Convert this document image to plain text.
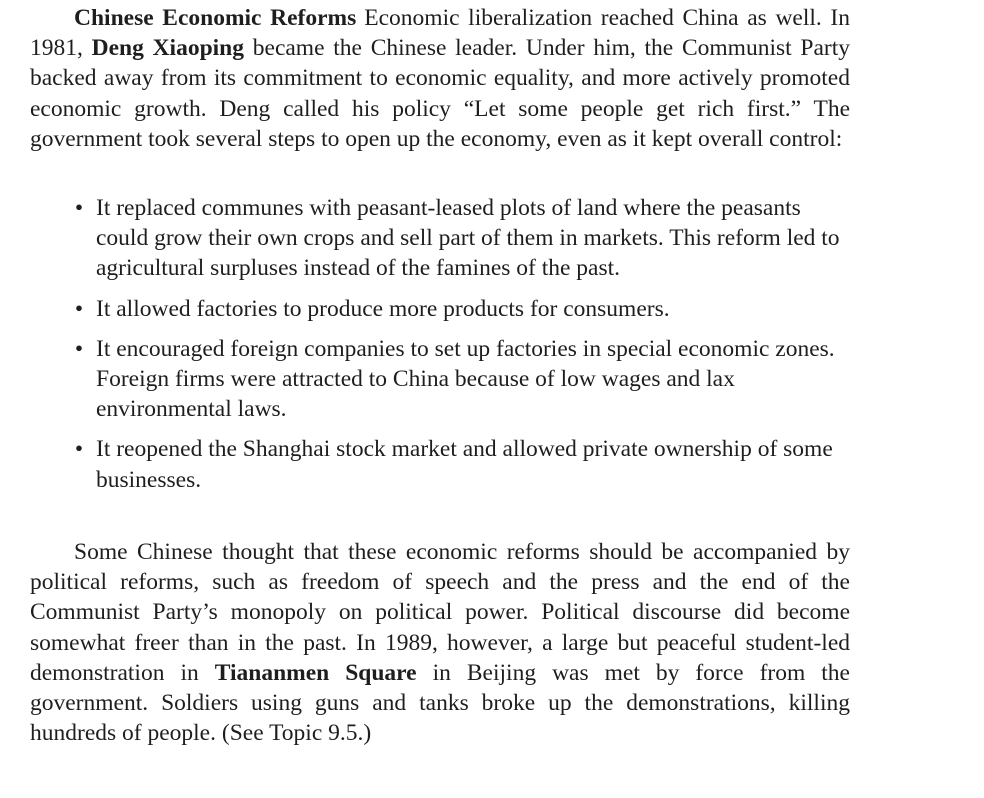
Chinese Economic Reforms Economic liberalization reached China as well. In 1981, Deng Xiaoping became the Chinese leader. Under him, the Communist Party backed away from its commitment to economic equality, and more actively promoted economic growth. Deng called his policy “Let some people get rich first.” The government took several steps to open up the economy, even as it kept overall control:

• It replaced communes with peasant-leased plots of land where the peasants could grow their own crops and sell part of them in markets. This reform led to agricultural surpluses instead of the famines of the past.
• It allowed factories to produce more products for consumers.
• It encouraged foreign companies to set up factories in special economic zones. Foreign firms were attracted to China because of low wages and lax environmental laws.
• It reopened the Shanghai stock market and allowed private ownership of some businesses.

Some Chinese thought that these economic reforms should be accompanied by political reforms, such as freedom of speech and the press and the end of the Communist Party’s monopoly on political power. Political discourse did become somewhat freer than in the past. In 1989, however, a large but peaceful student-led demonstration in Tiananmen Square in Beijing was met by force from the government. Soldiers using guns and tanks broke up the demonstrations, killing hundreds of people. (See Topic 9.5.)
